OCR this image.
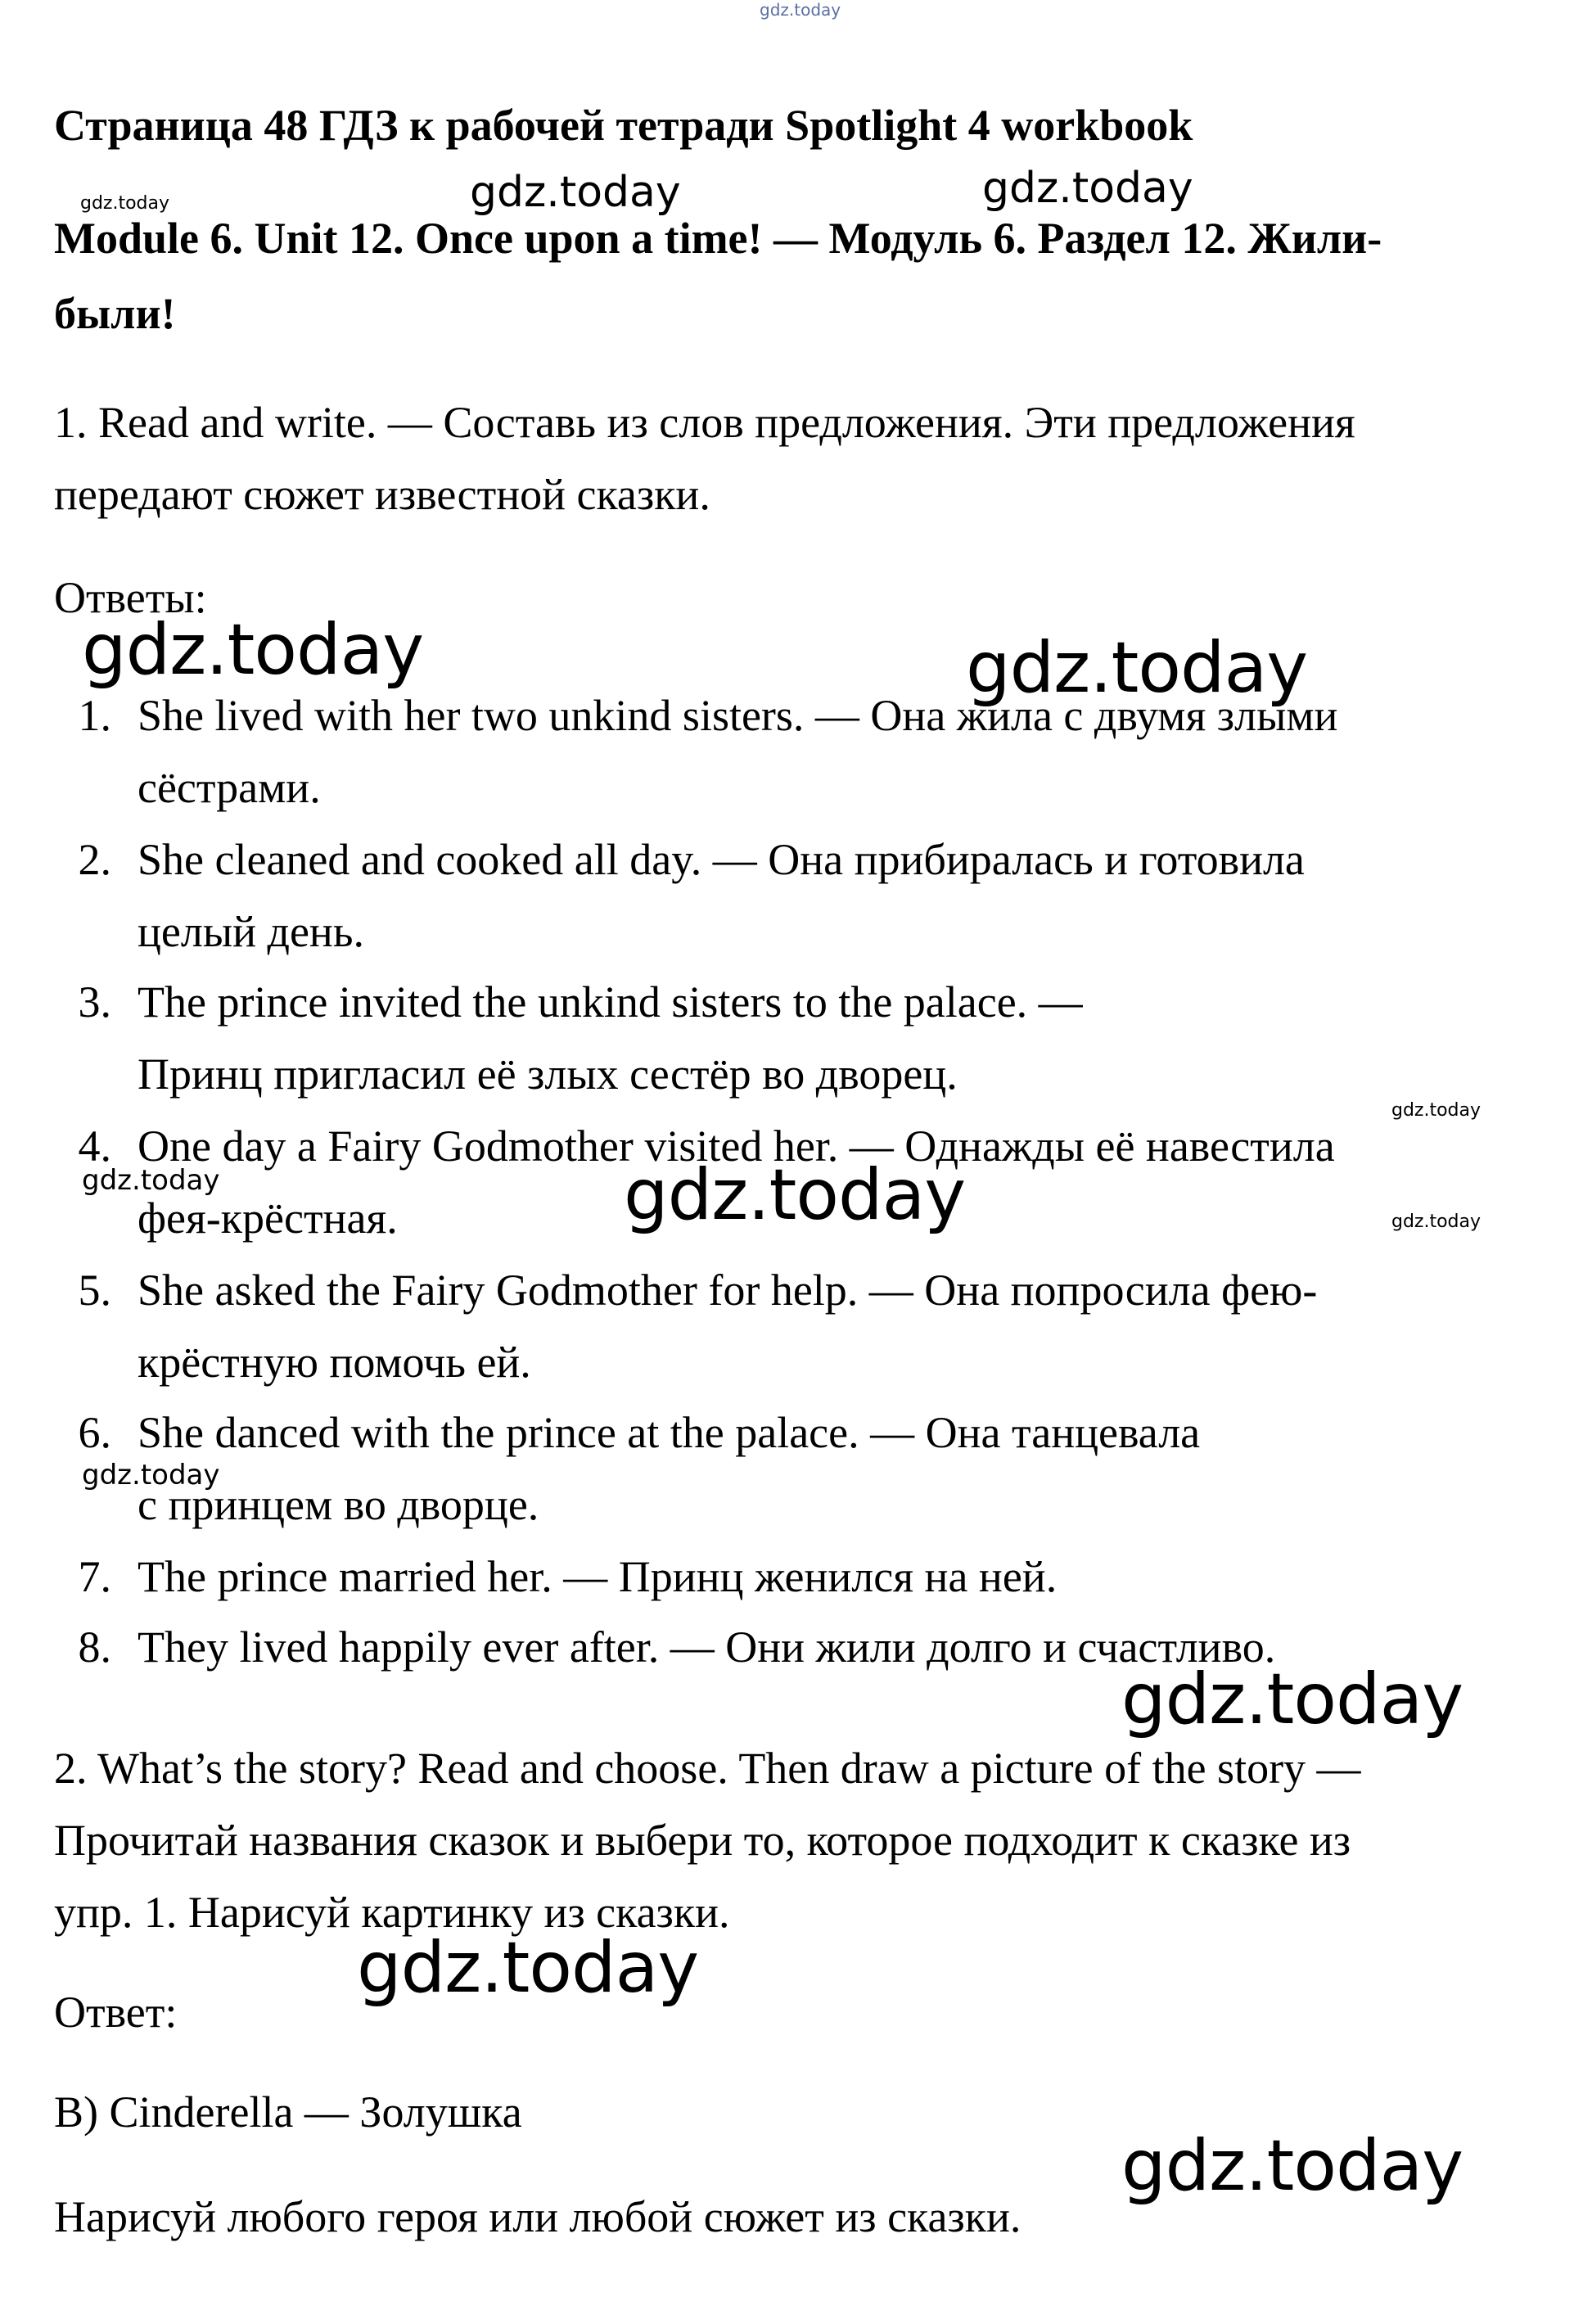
gdz.today
Страница 48 ГДЗ к рабочей тетради Spotlight 4 workbook
gdz.today	gdz.today	gdz.today
Module 6. Unit 12. Once upon a time! — Модуль 6. Раздел 12. Жили-
были!
1. Read and write. — Составь из слов предложения. Эти предложения
передают сюжет известной сказки.
Ответы:
gdz.today	gdz.today
1. She lived with her two unkind sisters. — Она жила с двумя злыми
сёстрами.
2. She cleaned and cooked all day. — Она прибиралась и готовила
целый день.
3. The prince invited the unkind sisters to the palace. —
Принц пригласил её злых сестёр во дворец.
4. One day a Fairy Godmother visited her. — Однажды её навестила
фея-крёстная.
5. She asked the Fairy Godmother for help. — Она попросила фею-
крёстную помочь ей.
6. She danced with the prince at the palace. — Она танцевала
с принцем во дворце.
7. The prince married her. — Принц женился на ней.
8. They lived happily ever after. — Они жили долго и счастливо.
gdz.today
gdz.today	gdz.today	gdz.today
gdz.today
gdz.today
2. What’s the story? Read and choose. Then draw a picture of the story —
Прочитай названия сказок и выбери то, которое подходит к сказке из
упр. 1. Нарисуй картинку из сказки.
gdz.today
Ответ:
B) Cinderella — Золушка
gdz.today
Нарисуй любого героя или любой сюжет из сказки.
